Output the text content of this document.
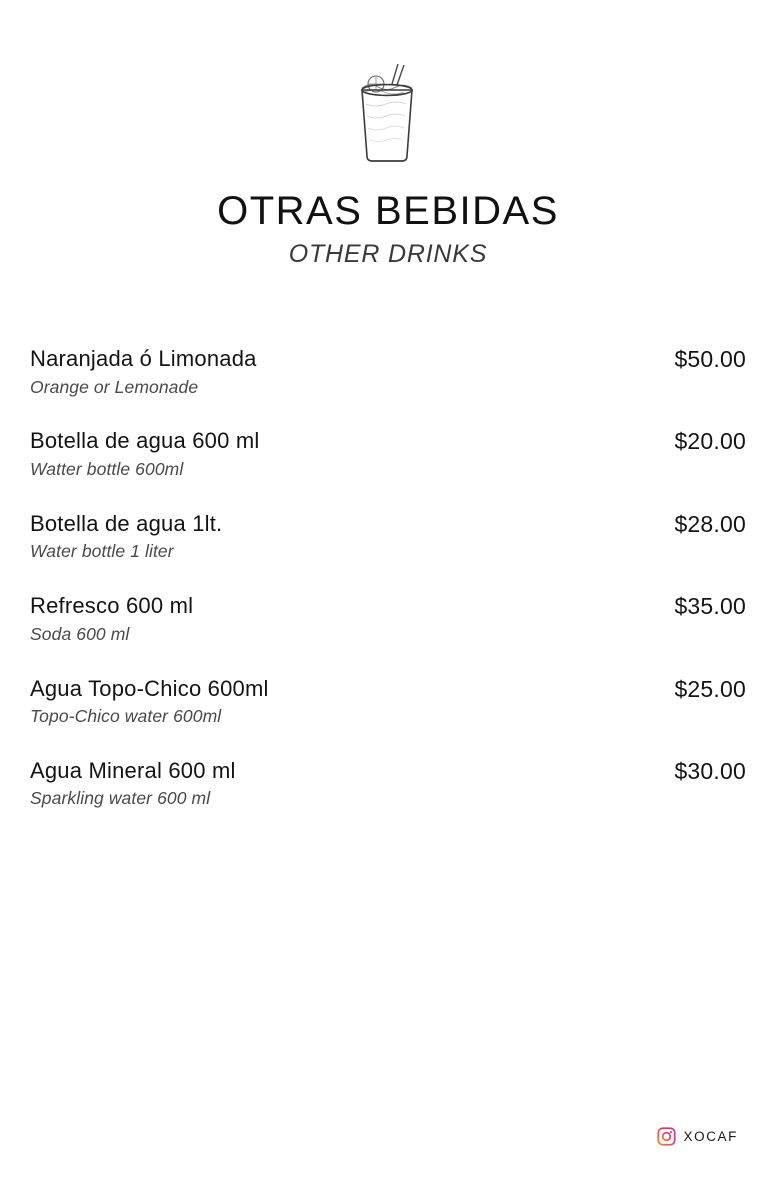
OTRAS BEBIDAS
OTHER DRINKS
Naranjada ó Limonada
Orange or Lemonade
$50.00
Botella de agua 600 ml
Watter bottle 600ml
$20.00
Botella de agua 1lt.
Water bottle 1 liter
$28.00
Refresco 600 ml
Soda 600 ml
$35.00
Agua Topo-Chico 600ml
Topo-Chico water 600ml
$25.00
Agua Mineral 600 ml
Sparkling water 600 ml
$30.00
XOCAF
